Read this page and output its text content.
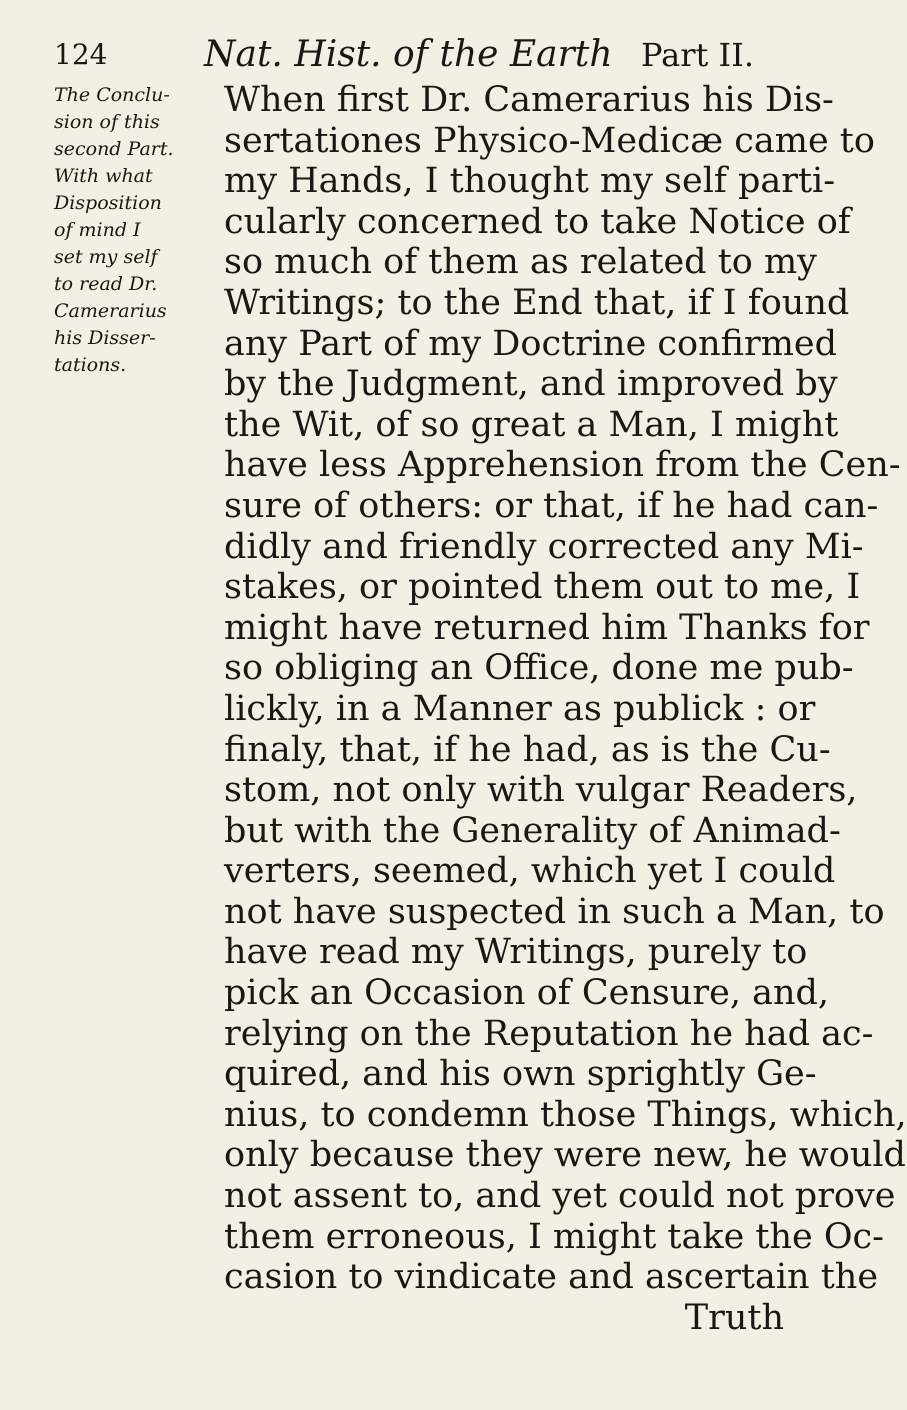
124	Nat. Hist. of the Earth Part II.
The Conclu-
sion of this
second Part.
With what
Disposition
of mind I
set my self
to read Dr.
Camerarius
his Disser-
tations.
When first Dr. Camerarius his Dis-
sertationes Physico-Medicæ came to
my Hands, I thought my self parti-
cularly concerned to take Notice of
so much of them as related to my
Writings; to the End that, if I found
any Part of my Doctrine confirmed
by the Judgment, and improved by
the Wit, of so great a Man, I might
have less Apprehension from the Cen-
sure of others: or that, if he had can-
didly and friendly corrected any Mi-
stakes, or pointed them out to me, I
might have returned him Thanks for
so obliging an Office, done me pub-
lickly, in a Manner as publick : or
finaly, that, if he had, as is the Cu-
stom, not only with vulgar Readers,
but with the Generality of Animad-
verters, seemed, which yet I could
not have suspected in such a Man, to
have read my Writings, purely to
pick an Occasion of Censure, and,
relying on the Reputation he had ac-
quired, and his own sprightly Ge-
nius, to condemn those Things, which,
only because they were new, he would
not assent to, and yet could not prove
them erroneous, I might take the Oc-
casion to vindicate and ascertain the
Truth
